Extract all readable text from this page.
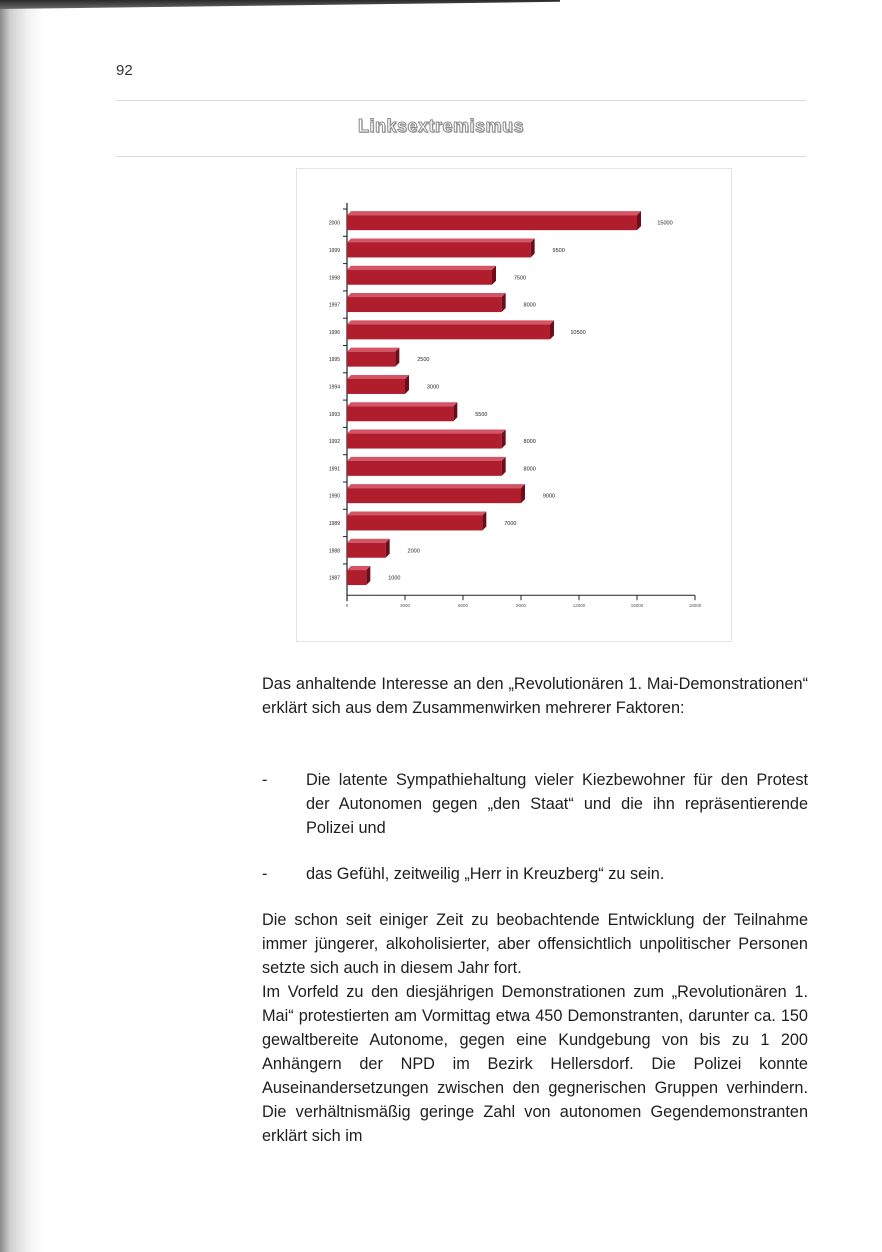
92
Linksextremismus
2000	15000
1999	9500
1998	7500
1997	8000
1996	10500
1995	2500
1994	3000
1993	5500
1992	8000
1991	8000
1990	9000
1989	7000
1988	2000
1987	1000
0	3000	6000	9000	12000	15000	18000
Das anhaltende Interesse an den „Revolutionären 1. Mai-Demonstrationen“ erklärt sich aus dem Zusammenwirken mehrerer Faktoren:
- Die latente Sympathiehaltung vieler Kiezbewohner für den Protest der Autonomen gegen „den Staat“ und die ihn repräsentierende Polizei und
- das Gefühl, zeitweilig „Herr in Kreuzberg“ zu sein.

Die schon seit einiger Zeit zu beobachtende Entwicklung der Teilnahme immer jüngerer, alkoholisierter, aber offensichtlich unpolitischer Personen setzte sich auch in diesem Jahr fort.

Im Vorfeld zu den diesjährigen Demonstrationen zum „Revolutionären 1. Mai“ protestierten am Vormittag etwa 450 Demonstranten, darunter ca. 150 gewaltbereite Autonome, gegen eine Kundgebung von bis zu 1 200 Anhängern der NPD im Bezirk Hellersdorf. Die Polizei konnte Auseinandersetzungen zwischen den gegnerischen Gruppen verhindern. Die verhältnismäßig geringe Zahl von autonomen Gegendemonstranten erklärt sich im
